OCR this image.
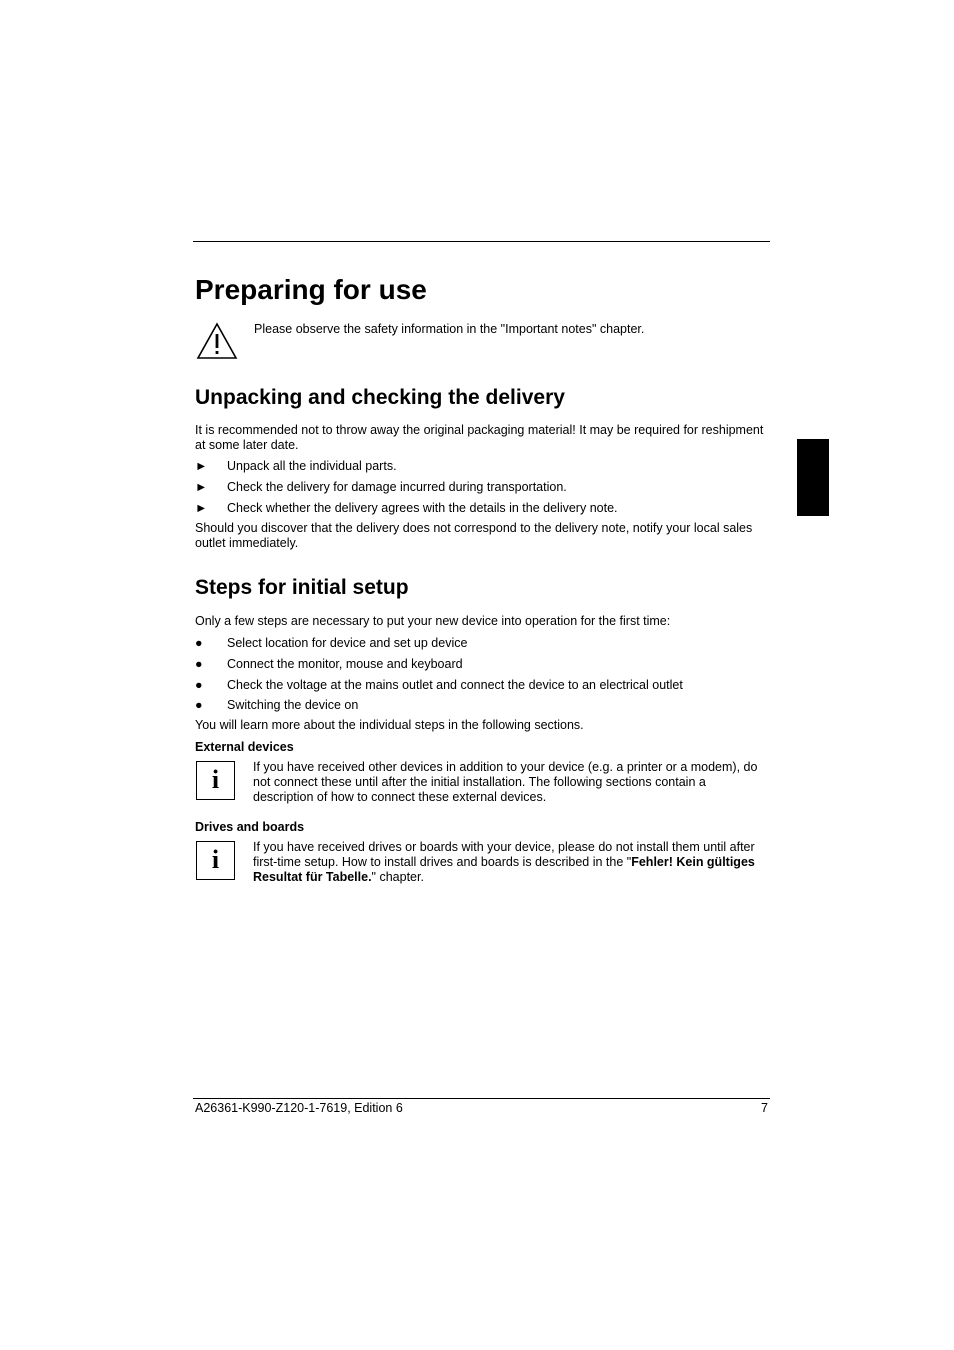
Preparing for use
Please observe the safety information in the "Important notes" chapter.
Unpacking and checking the delivery
It is recommended not to throw away the original packaging material! It may be required for reshipment at some later date.
►	Unpack all the individual parts.
►	Check the delivery for damage incurred during transportation.
►	Check whether the delivery agrees with the details in the delivery note.
Should you discover that the delivery does not correspond to the delivery note, notify your local sales outlet immediately.
Steps for initial setup
Only a few steps are necessary to put your new device into operation for the first time:
●	Select location for device and set up device
●	Connect the monitor, mouse and keyboard
●	Check the voltage at the mains outlet and connect the device to an electrical outlet
●	Switching the device on
You will learn more about the individual steps in the following sections.
External devices
i	If you have received other devices in addition to your device (e.g. a printer or a modem), do not connect these until after the initial installation. The following sections contain a description of how to connect these external devices.
Drives and boards
i	If you have received drives or boards with your device, please do not install them until after first-time setup. How to install drives and boards is described in the "Fehler! Kein gültiges Resultat für Tabelle." chapter.
A26361-K990-Z120-1-7619, Edition 6	7
